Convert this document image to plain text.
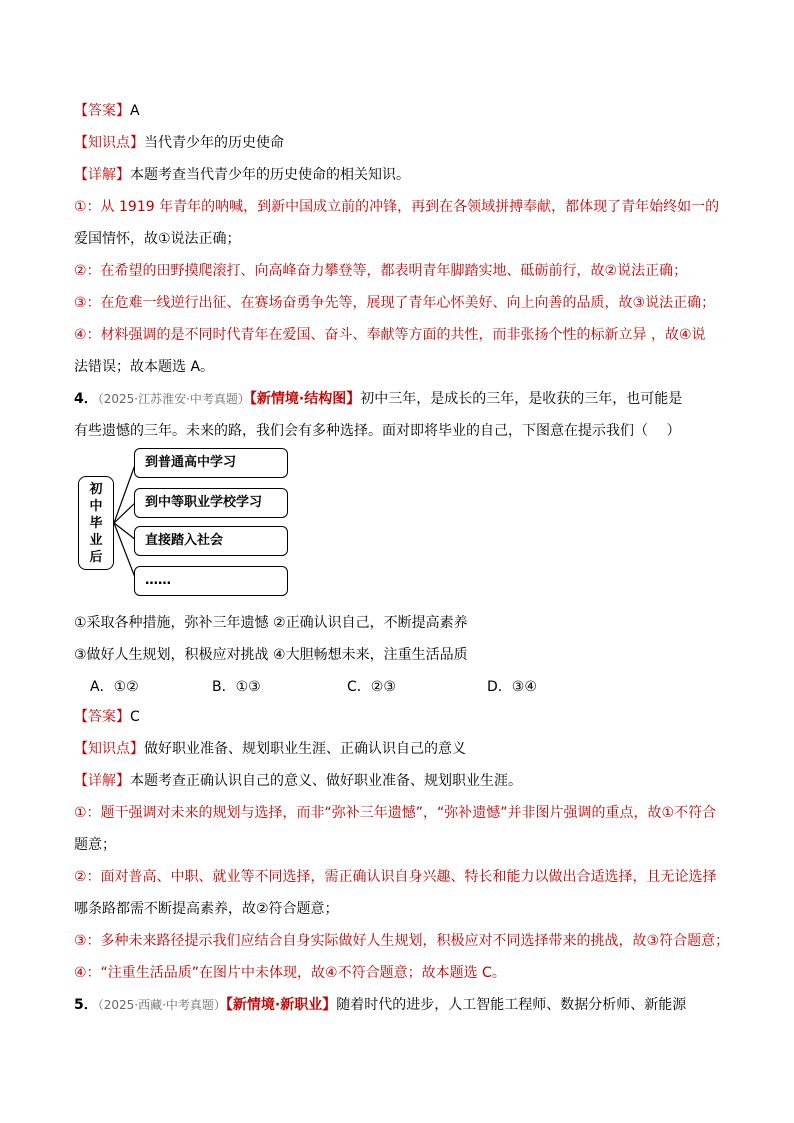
【答案】A
【知识点】当代青少年的历史使命
【详解】本题考查当代青少年的历史使命的相关知识。
①：从 1919 年青年的呐喊，到新中国成立前的冲锋，再到在各领域拼搏奉献，都体现了青年始终如一的
爱国情怀，故①说法正确；
②：在希望的田野摸爬滚打、向高峰奋力攀登等，都表明青年脚踏实地、砥砺前行，故②说法正确；
③：在危难一线逆行出征、在赛场奋勇争先等，展现了青年心怀美好、向上向善的品质，故③说法正确；
④：材料强调的是不同时代青年在爱国、奋斗、奉献等方面的共性，而非张扬个性的标新立异 ，故④说
法错误；故本题选 A。
4．（2025·江苏淮安·中考真题）【新情境·结构图】初中三年，是成长的三年，是收获的三年，也可能是
有些遗憾的三年。未来的路，我们会有多种选择。面对即将毕业的自己，下图意在提示我们（　 ）
初
中
毕
业
后
到普通高中学习
到中等职业学校学习
直接踏入社会
……
①采取各种措施，弥补三年遗憾 ②正确认识自己，不断提高素养
③做好人生规划，积极应对挑战 ④大胆畅想未来，注重生活品质
A．①②	B．①③	C．②③	D．③④
【答案】C
【知识点】做好职业准备、规划职业生涯、正确认识自己的意义
【详解】本题考查正确认识自己的意义、做好职业准备、规划职业生涯。
①：题干强调对未来的规划与选择，而非“弥补三年遗憾”，“弥补遗憾”并非图片强调的重点，故①不符合
题意；
②：面对普高、中职、就业等不同选择，需正确认识自身兴趣、特长和能力以做出合适选择，且无论选择
哪条路都需不断提高素养，故②符合题意；
③：多种未来路径提示我们应结合自身实际做好人生规划，积极应对不同选择带来的挑战，故③符合题意；
④：“注重生活品质”在图片中未体现，故④不符合题意；故本题选 C。
5．（2025·西藏·中考真题）【新情境·新职业】随着时代的进步，人工智能工程师、数据分析师、新能源
